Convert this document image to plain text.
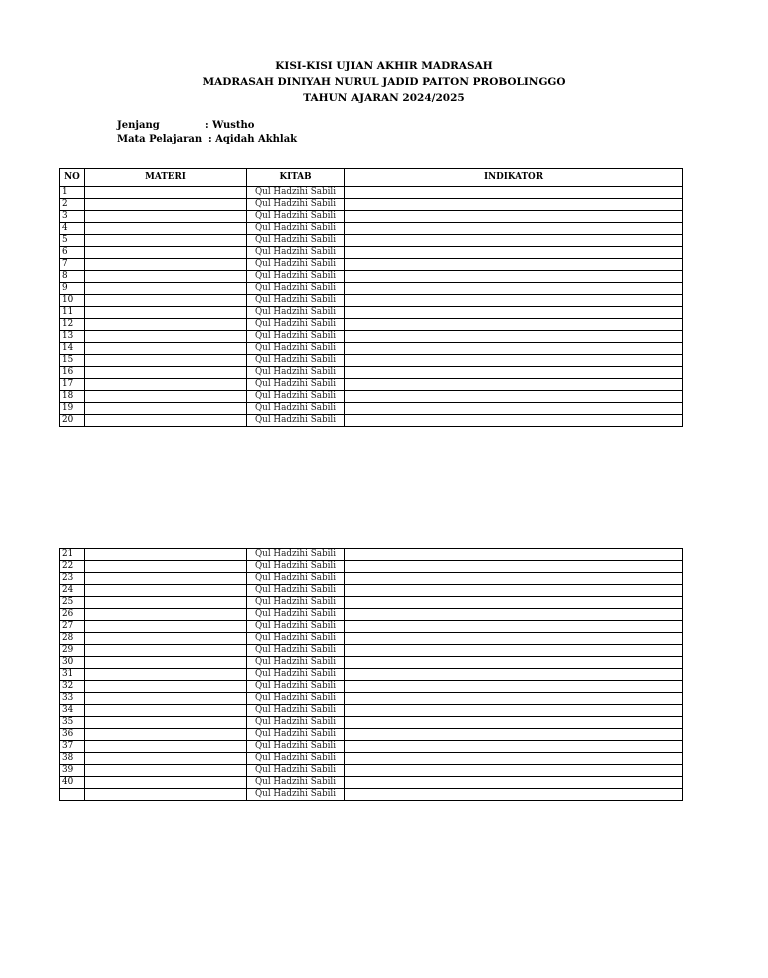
KISI-KISI UJIAN AKHIR MADRASAH
MADRASAH DINIYAH NURUL JADID PAITON PROBOLINGGO
TAHUN AJARAN 2024/2025
Jenjang	: Wustho
Mata Pelajaran : Aqidah Akhlak
NO	MATERI	KITAB	INDIKATOR
1		Qul Hadzihi Sabili	
2		Qul Hadzihi Sabili	
3		Qul Hadzihi Sabili	
4		Qul Hadzihi Sabili	
5		Qul Hadzihi Sabili	
6		Qul Hadzihi Sabili	
7		Qul Hadzihi Sabili	
8		Qul Hadzihi Sabili	
9		Qul Hadzihi Sabili	
10		Qul Hadzihi Sabili	
11		Qul Hadzihi Sabili	
12		Qul Hadzihi Sabili	
13		Qul Hadzihi Sabili	
14		Qul Hadzihi Sabili	
15		Qul Hadzihi Sabili	
16		Qul Hadzihi Sabili	
17		Qul Hadzihi Sabili	
18		Qul Hadzihi Sabili	
19		Qul Hadzihi Sabili	
20		Qul Hadzihi Sabili	
21		Qul Hadzihi Sabili	
22		Qul Hadzihi Sabili	
23		Qul Hadzihi Sabili	
24		Qul Hadzihi Sabili	
25		Qul Hadzihi Sabili	
26		Qul Hadzihi Sabili	
27		Qul Hadzihi Sabili	
28		Qul Hadzihi Sabili	
29		Qul Hadzihi Sabili	
30		Qul Hadzihi Sabili	
31		Qul Hadzihi Sabili	
32		Qul Hadzihi Sabili	
33		Qul Hadzihi Sabili	
34		Qul Hadzihi Sabili	
35		Qul Hadzihi Sabili	
36		Qul Hadzihi Sabili	
37		Qul Hadzihi Sabili	
38		Qul Hadzihi Sabili	
39		Qul Hadzihi Sabili	
40		Qul Hadzihi Sabili	
		Qul Hadzihi Sabili	
